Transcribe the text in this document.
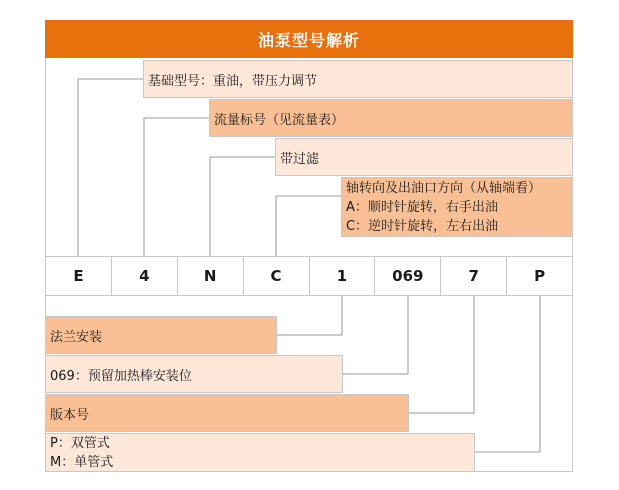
油泵型号解析
基础型号：重油，带压力调节
流量标号（见流量表）
带过滤
轴转向及出油口方向（从轴端看）
A：顺时针旋转，右手出油
C：逆时针旋转，左右出油
E	4	N	C	1	069	7	P
法兰安装
069：预留加热棒安装位
版本号
P：双管式
M：单管式
